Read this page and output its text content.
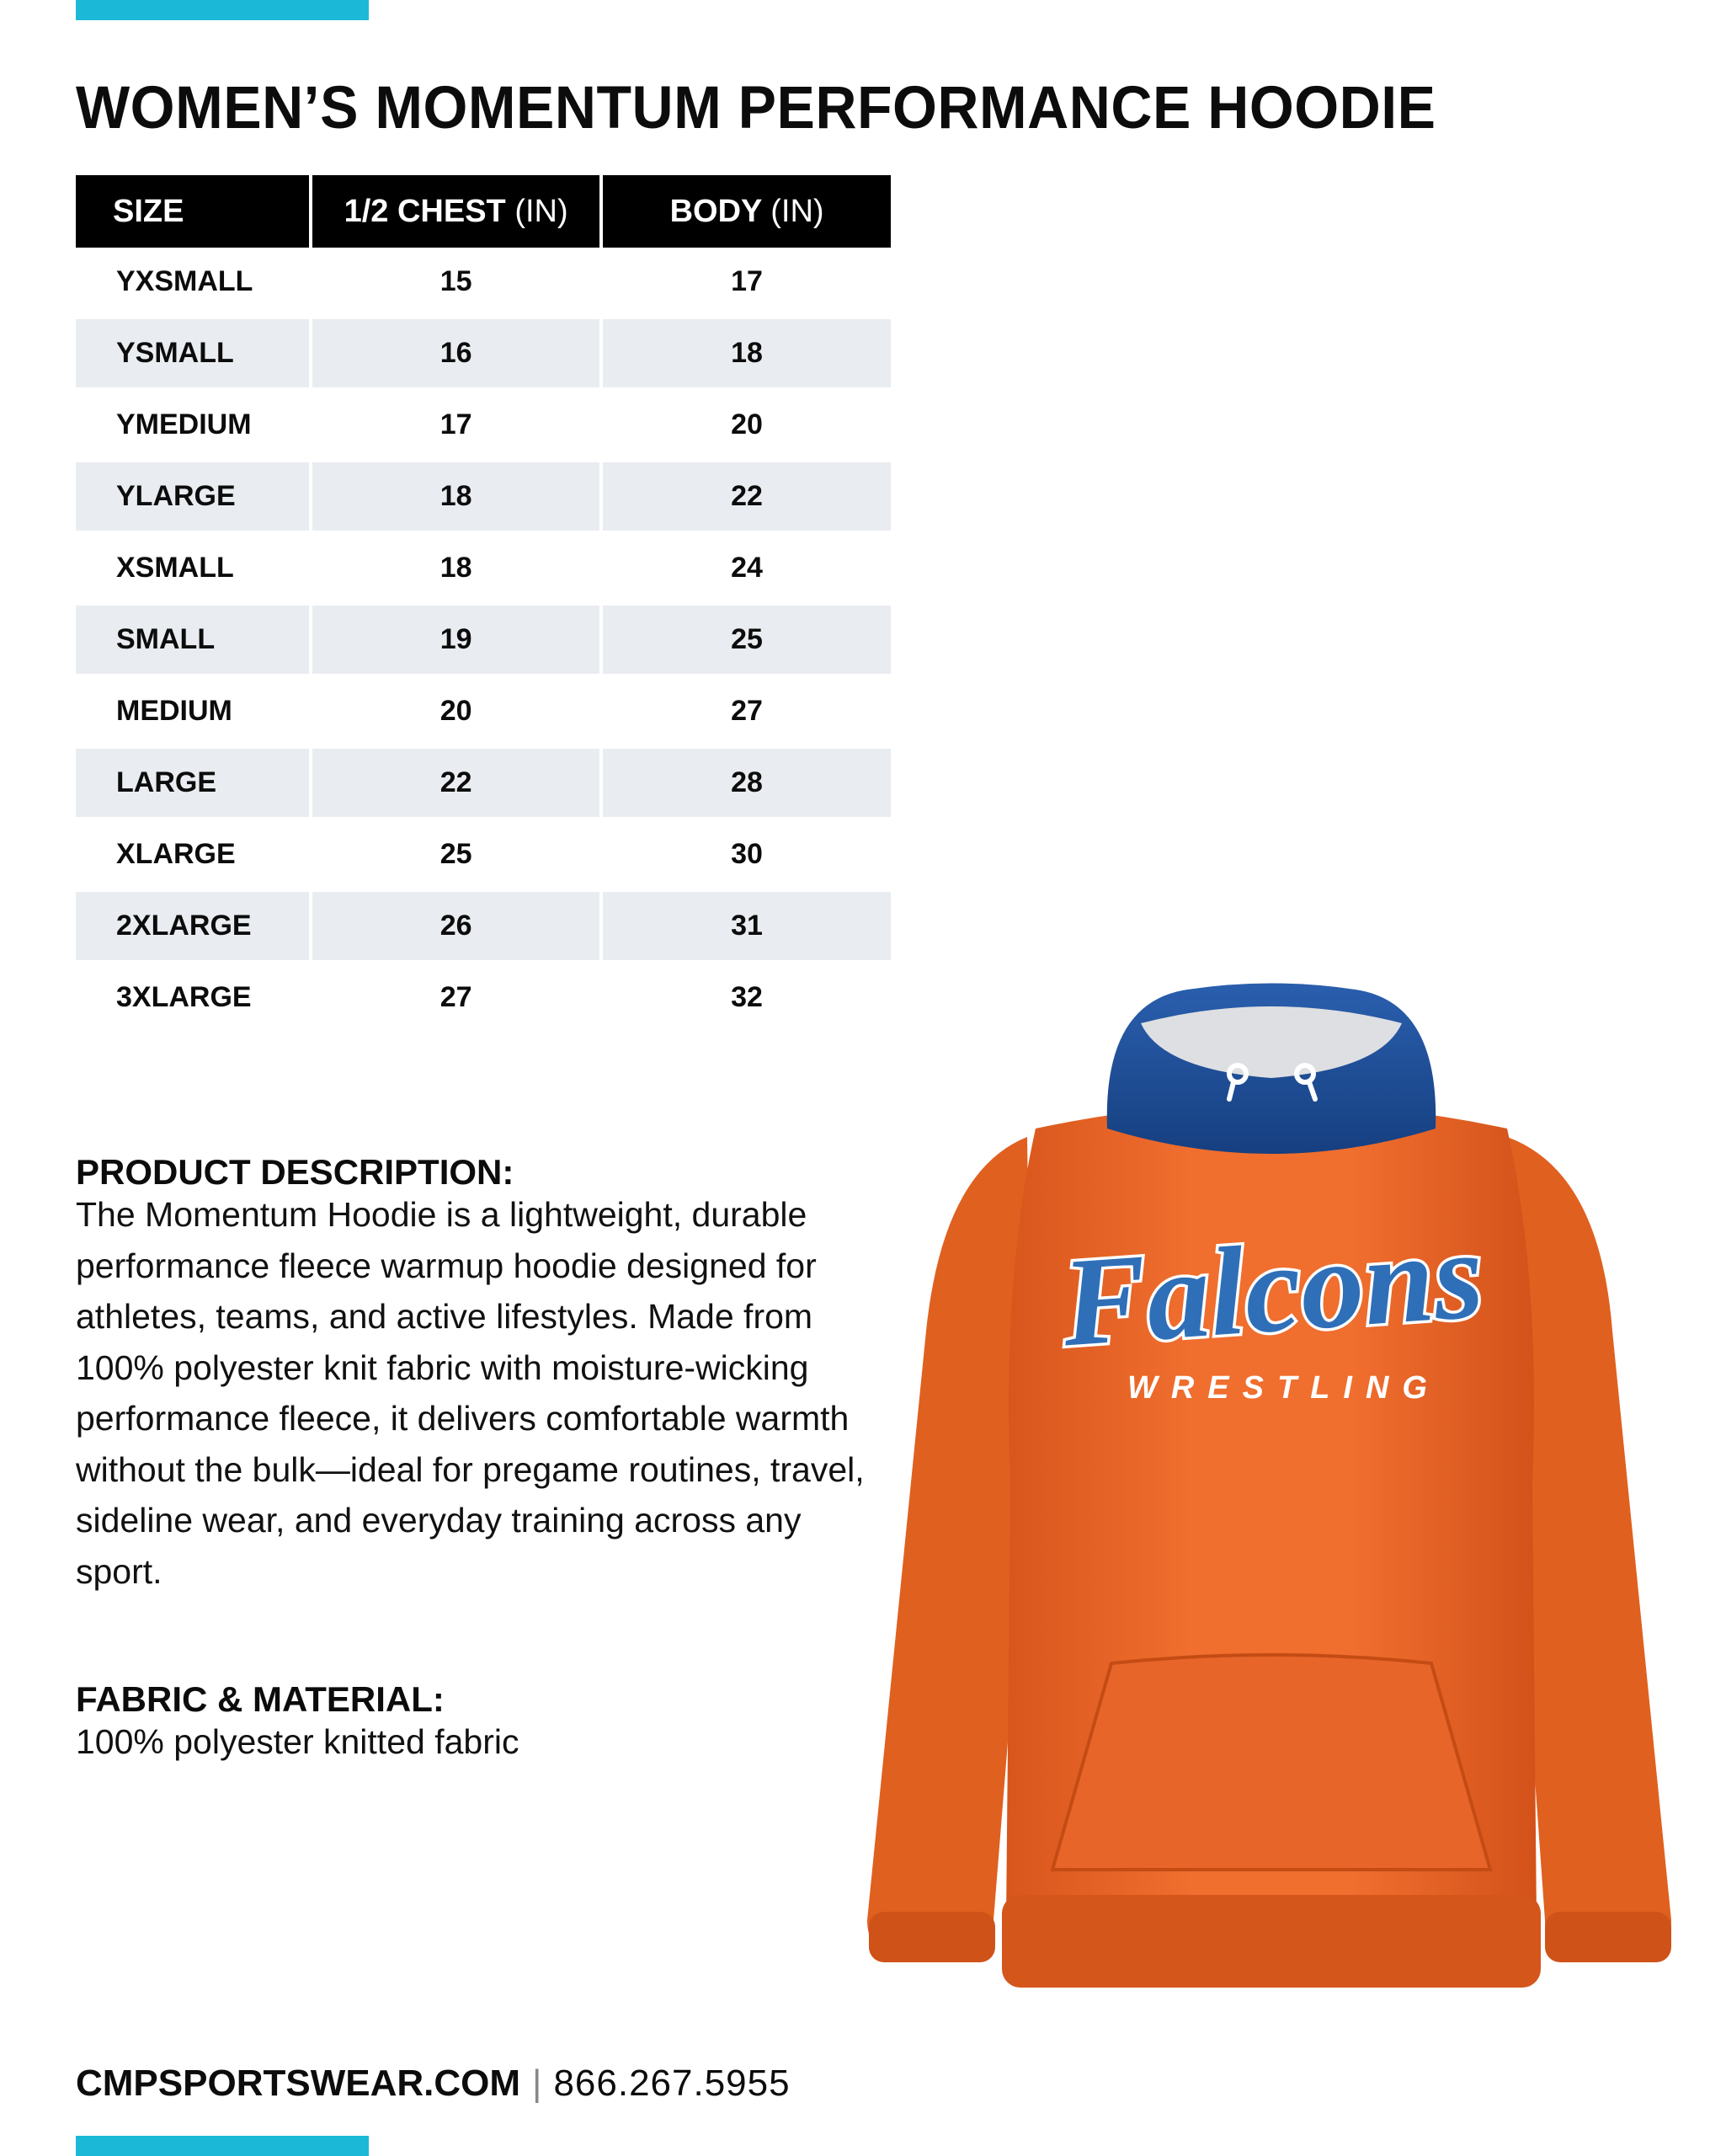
WOMEN’S MOMENTUM PERFORMANCE HOODIE
SIZE	1/2 CHEST (IN)	BODY (IN)
YXSMALL	15	17
YSMALL	16	18
YMEDIUM	17	20
YLARGE	18	22
XSMALL	18	24
SMALL	19	25
MEDIUM	20	27
LARGE	22	28
XLARGE	25	30
2XLARGE	26	31
3XLARGE	27	32
PRODUCT DESCRIPTION:

The Momentum Hoodie is a lightweight, durable performance fleece warmup hoodie designed for athletes, teams, and active lifestyles. Made from 100% polyester knit fabric with moisture-wicking performance fleece, it delivers comfortable warmth without the bulk—ideal for pregame routines, travel, sideline wear, and everyday training across any sport.

FABRIC & MATERIAL:

100% polyester knitted fabric

Falcons
WRESTLING

CMPSPORTSWEAR.COM | 866.267.5955
